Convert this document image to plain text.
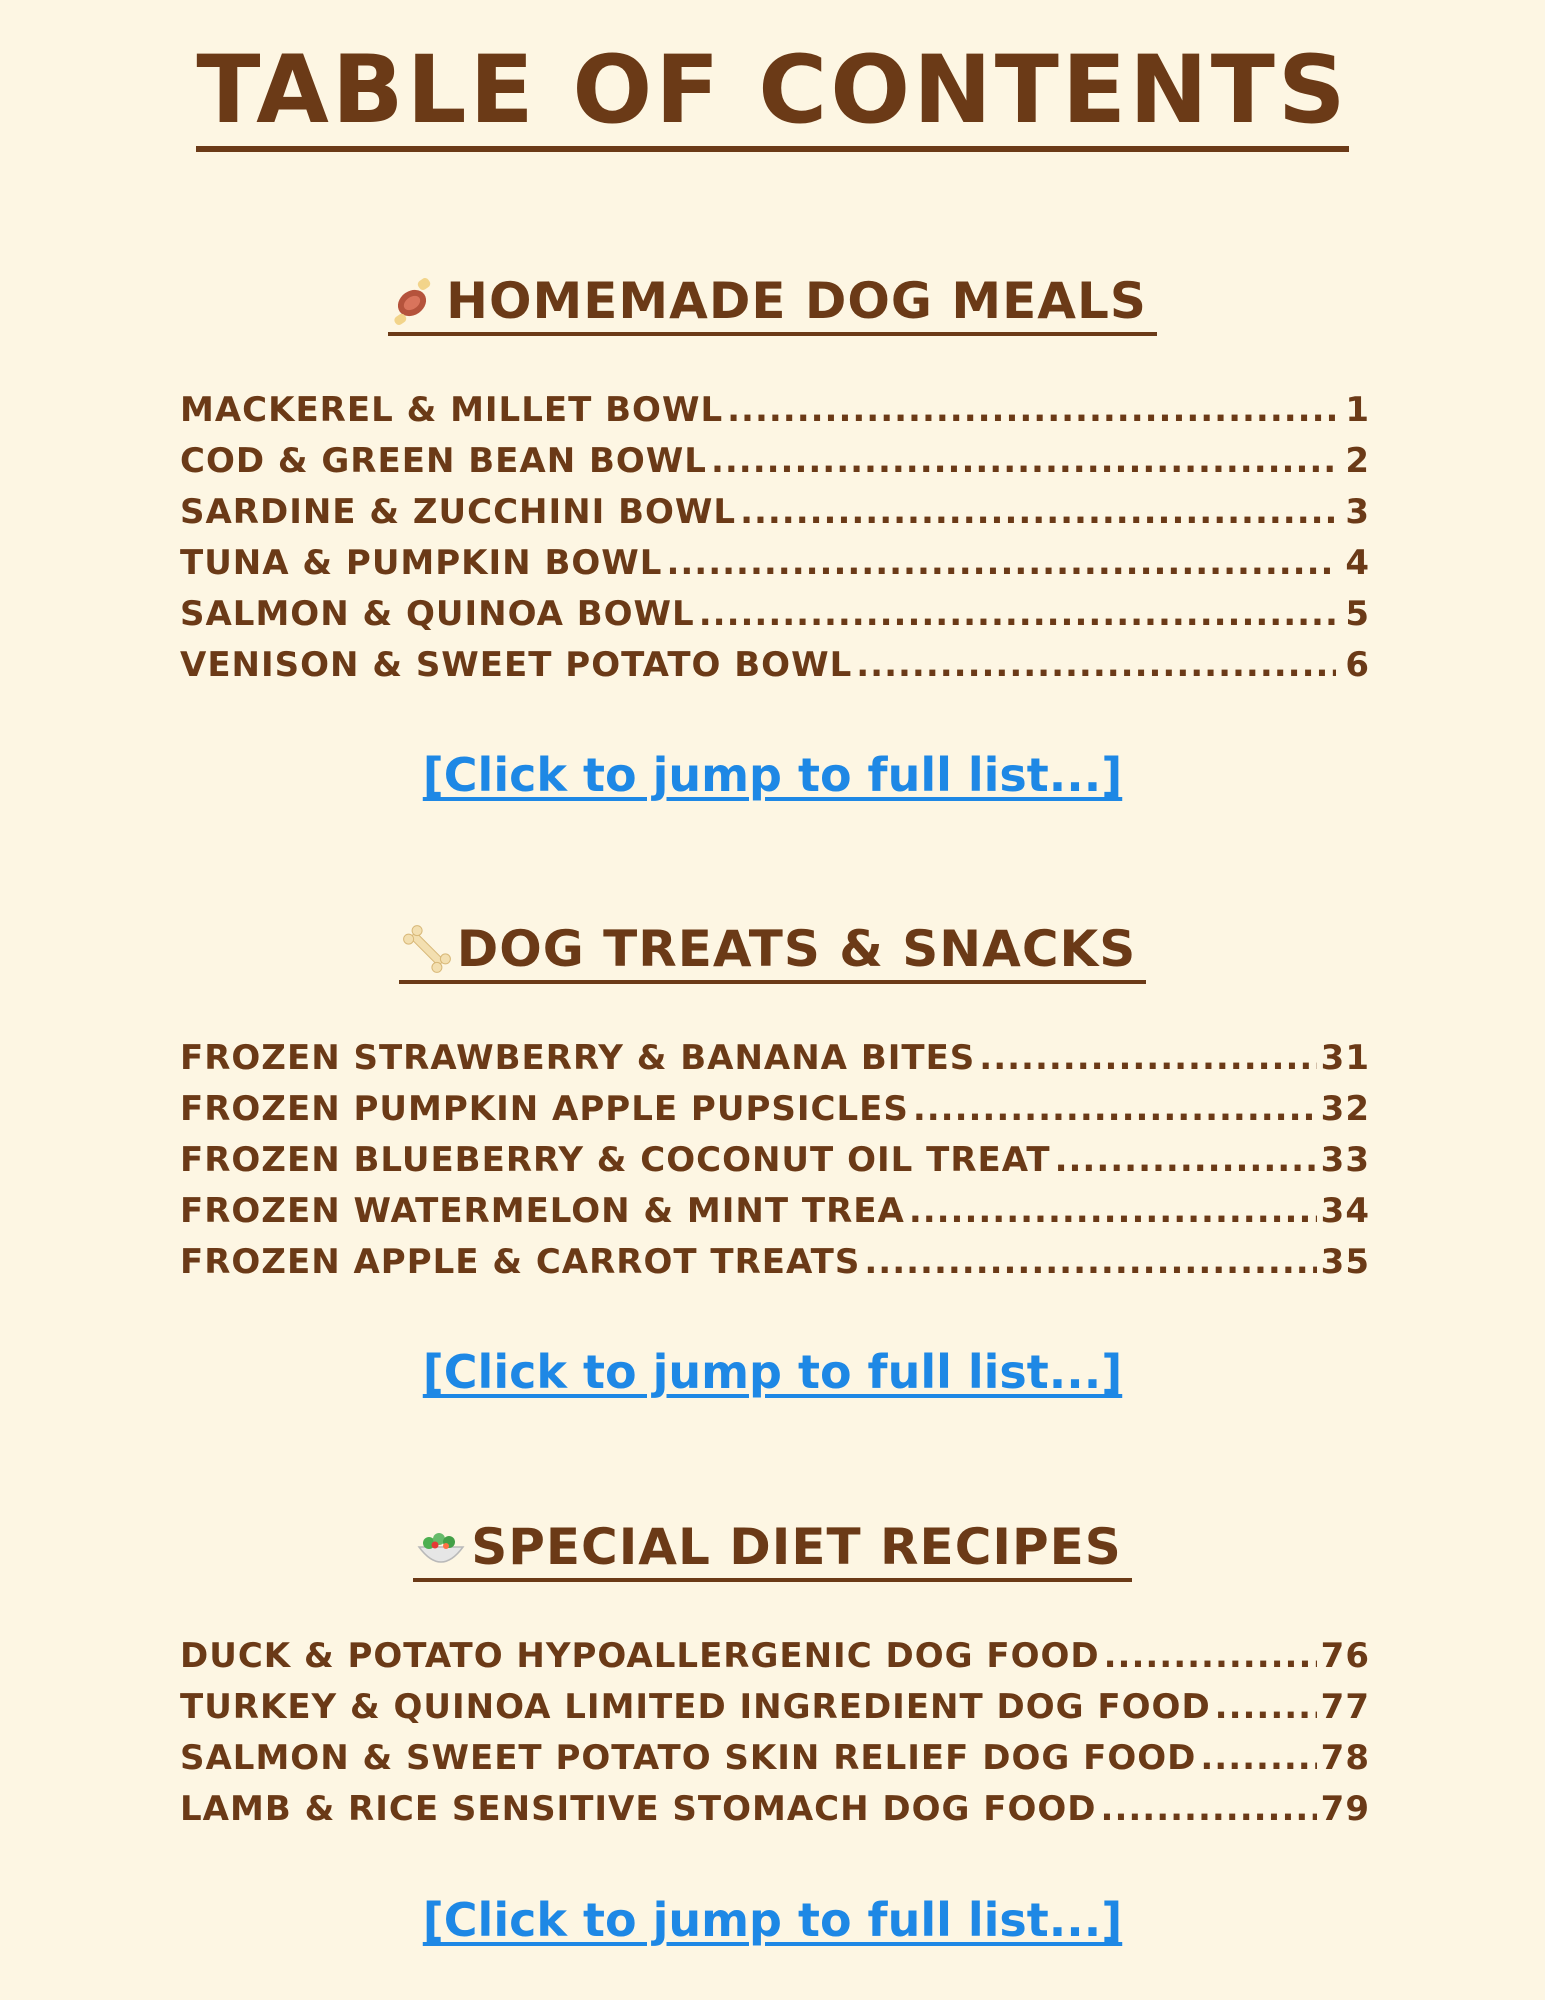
TABLE OF CONTENTS
HOMEMADE DOG MEALS
MACKEREL & MILLET BOWL .....	1
COD & GREEN BEAN BOWL .....	2
SARDINE & ZUCCHINI BOWL .....	3
TUNA & PUMPKIN BOWL .....	4
SALMON & QUINOA BOWL .....	5
VENISON & SWEET POTATO BOWL .....	6
[Click to jump to full list...]
DOG TREATS & SNACKS
FROZEN STRAWBERRY & BANANA BITES .....	31
FROZEN PUMPKIN APPLE PUPSICLES .....	32
FROZEN BLUEBERRY & COCONUT OIL TREAT .....	33
FROZEN WATERMELON & MINT TREA .....	34
FROZEN APPLE & CARROT TREATS .....	35
[Click to jump to full list...]
SPECIAL DIET RECIPES
DUCK & POTATO HYPOALLERGENIC DOG FOOD .....	76
TURKEY & QUINOA LIMITED INGREDIENT DOG FOOD .....	77
SALMON & SWEET POTATO SKIN RELIEF DOG FOOD .....	78
LAMB & RICE SENSITIVE STOMACH DOG FOOD .....	79
[Click to jump to full list...]
